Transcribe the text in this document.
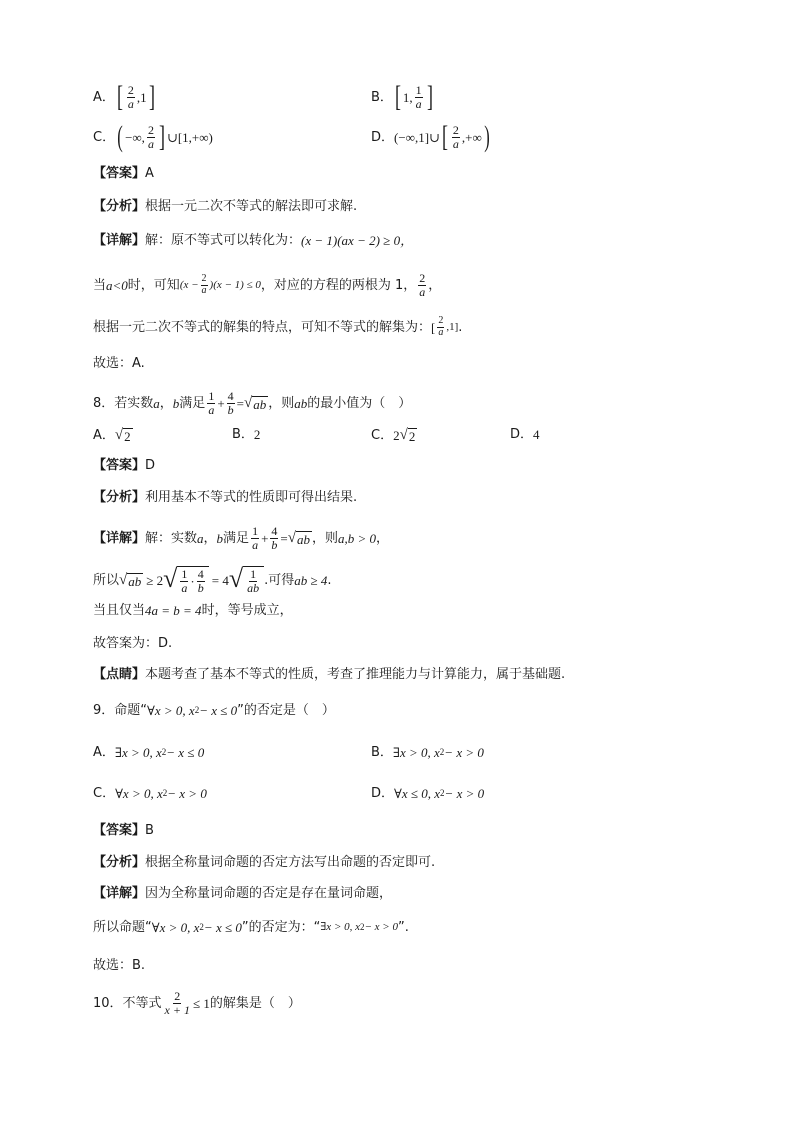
A． [ $\frac{2}{a} ,1$ ]	B． [ 1, $\frac{1}{a}$ ]
C． ( −∞, $\frac{2}{a}$ ] ∪[1,+∞)	D． (−∞,1]∪ [ $\frac{2}{a}$ ,+∞ )
【答案】 A
【分析】 根据一元二次不等式的解法即可求解.
【详解】 解：原不等式可以转化为： (x − 1)(ax − 2) ≥ 0，
当 a<0 时，可知 $(x - \frac{2}{a} )(x - 1) \le 0$ ，对应的方程的两根为 1， $\frac{2}{a}$ ，
根据一元二次不等式的解集的特点，可知不等式的解集为： [ $\frac{2}{a} ,1$] .
故选：A.
8．若实数 a ， b 满足 $\frac{1}{a} + \frac{4}{b}$ = √ ab ，则 ab 的最小值为（　）
A． √ 2	B． 2	C． 2 √ 2	D． 4
【答案】 D
【分析】 利用基本不等式的性质即可得出结果.
【详解】 解：实数 a ， b 满足 $\frac{1}{a} + \frac{4}{b}$ = √ ab ，则 a,b > 0 ，
所以 √ ab ≥ 2 √ $\frac{1}{a} \cdot \frac{4}{b} = 4$ √ $\frac{1}{ab}$ .可得 ab ≥ 4 .
当且仅当 4a = b = 4 时，等号成立，
故答案为：D.
【点睛】 本题考查了基本不等式的性质，考查了推理能力与计算能力，属于基础题.
9．命题“ ∀x > 0, x 2 − x ≤ 0 ”的否定是（　）
A． ∃x > 0, x 2 − x ≤ 0	B． ∃x > 0, x 2 − x > 0
C． ∀x > 0, x 2 − x > 0	D． ∀x ≤ 0, x 2 − x > 0
【答案】 B
【分析】 根据全称量词命题的否定方法写出命题的否定即可.
【详解】 因为全称量词命题的否定是存在量词命题，
所以命题“ ∀x > 0, x 2 − x ≤ 0 ”的否定为：“ ∃x > 0, x 2 − x > 0 ”.
故选：B.
10．不等式 $\frac{2}{x + 1} \le 1$ 的解集是（　）
